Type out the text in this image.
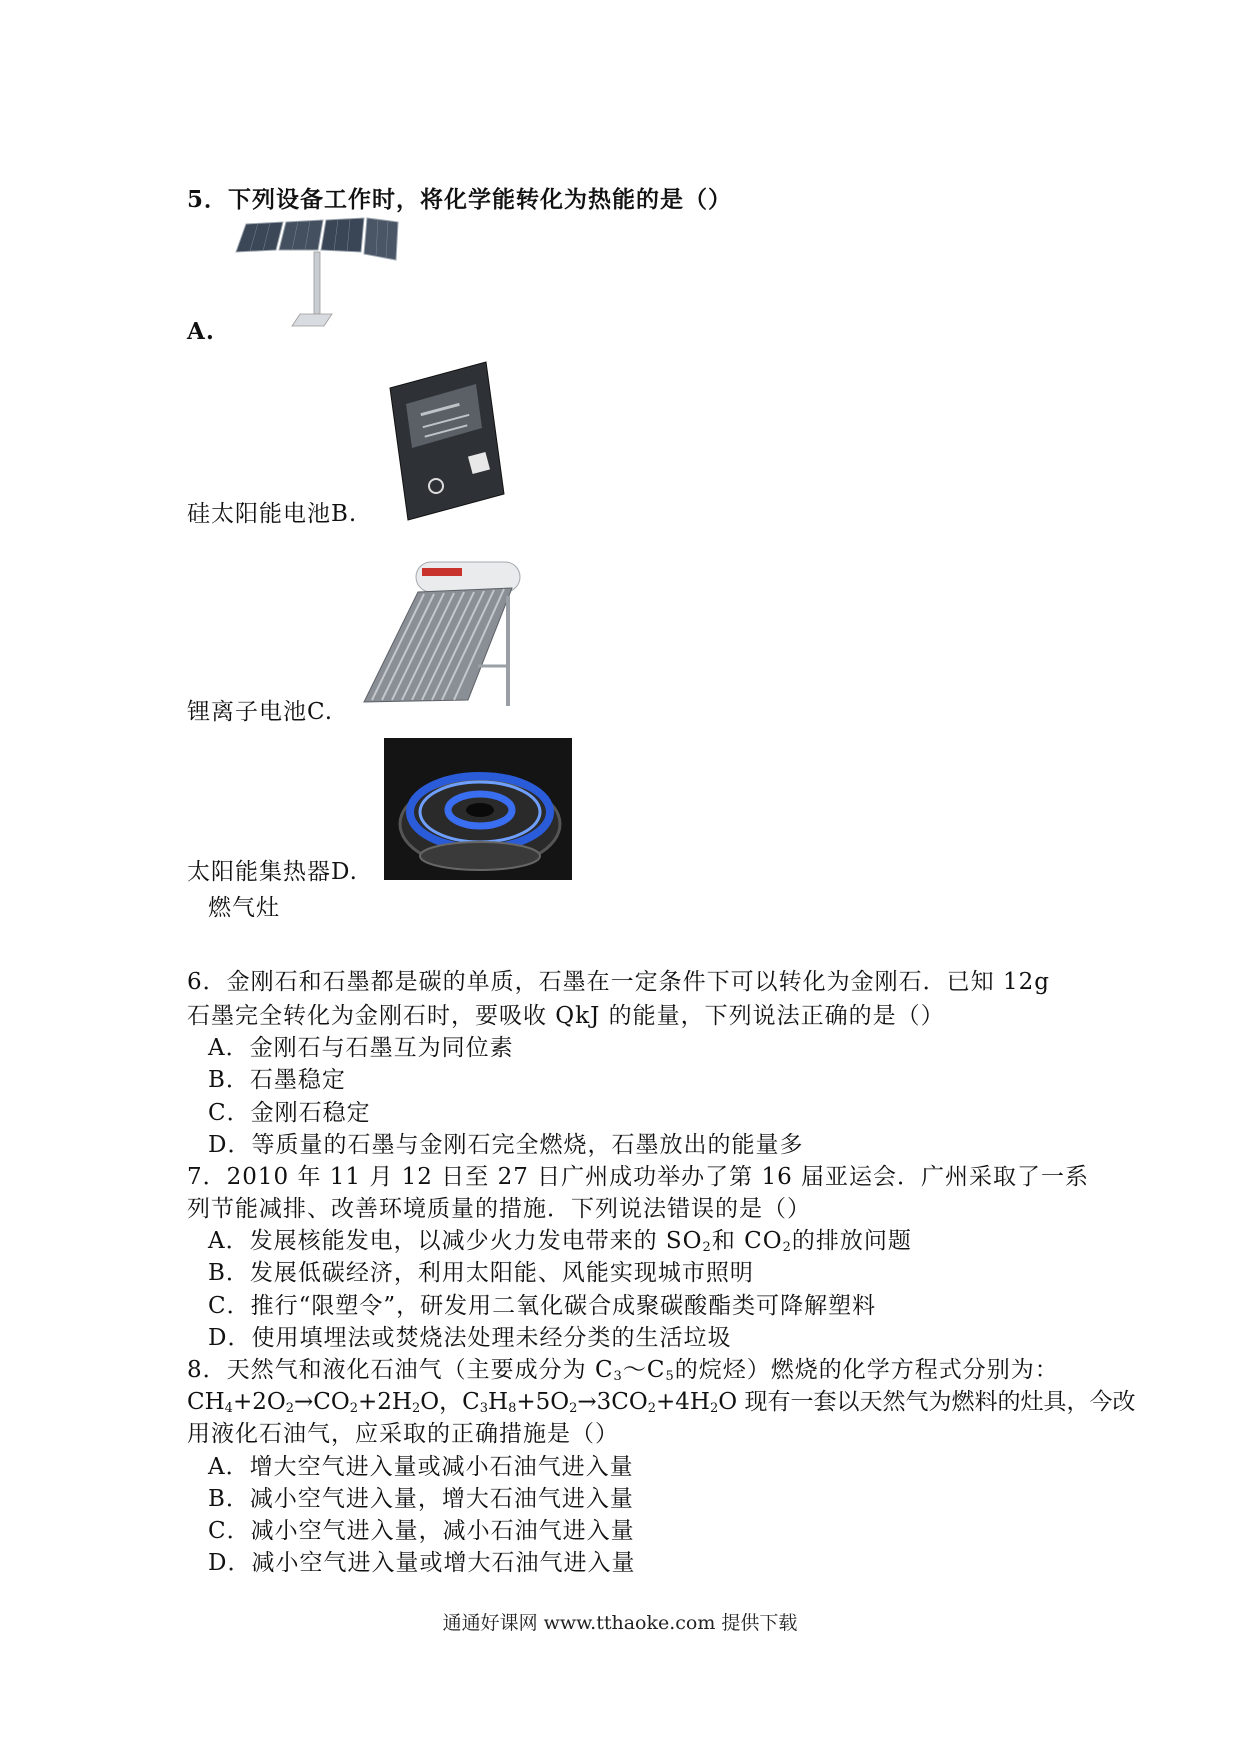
5．下列设备工作时，将化学能转化为热能的是（）
A.
硅太阳能电池B.
锂离子电池C.
太阳能集热器D.
燃气灶
6．金刚石和石墨都是碳的单质，石墨在一定条件下可以转化为金刚石．已知 12g
石墨完全转化为金刚石时，要吸收 QkJ 的能量，下列说法正确的是（）
A．金刚石与石墨互为同位素
B．石墨稳定
C．金刚石稳定
D．等质量的石墨与金刚石完全燃烧，石墨放出的能量多
7．2010 年 11 月 12 日至 27 日广州成功举办了第 16 届亚运会．广州采取了一系
列节能减排、改善环境质量的措施．下列说法错误的是（）
A．发展核能发电，以减少火力发电带来的 $SO_2$和 $CO_2$的排放问题
B．发展低碳经济，利用太阳能、风能实现城市照明
C．推行“限塑令”，研发用二氧化碳合成聚碳酸酯类可降解塑料
D．使用填埋法或焚烧法处理未经分类的生活垃圾
8．天然气和液化石油气（主要成分为 $C_3\sim C_5$的烷烃）燃烧的化学方程式分别为：
$CH_4+2O_2\to CO_2+2H_2O$，$C_3H_8+5O_2\to 3CO_2+4H_2O$ 现有一套以天然气为燃料的灶具，今改
用液化石油气，应采取的正确措施是（）
A．增大空气进入量或减小石油气进入量
B．减小空气进入量，增大石油气进入量
C．减小空气进入量，减小石油气进入量
D．减小空气进入量或增大石油气进入量
通通好课网 www.tthaoke.com 提供下载
